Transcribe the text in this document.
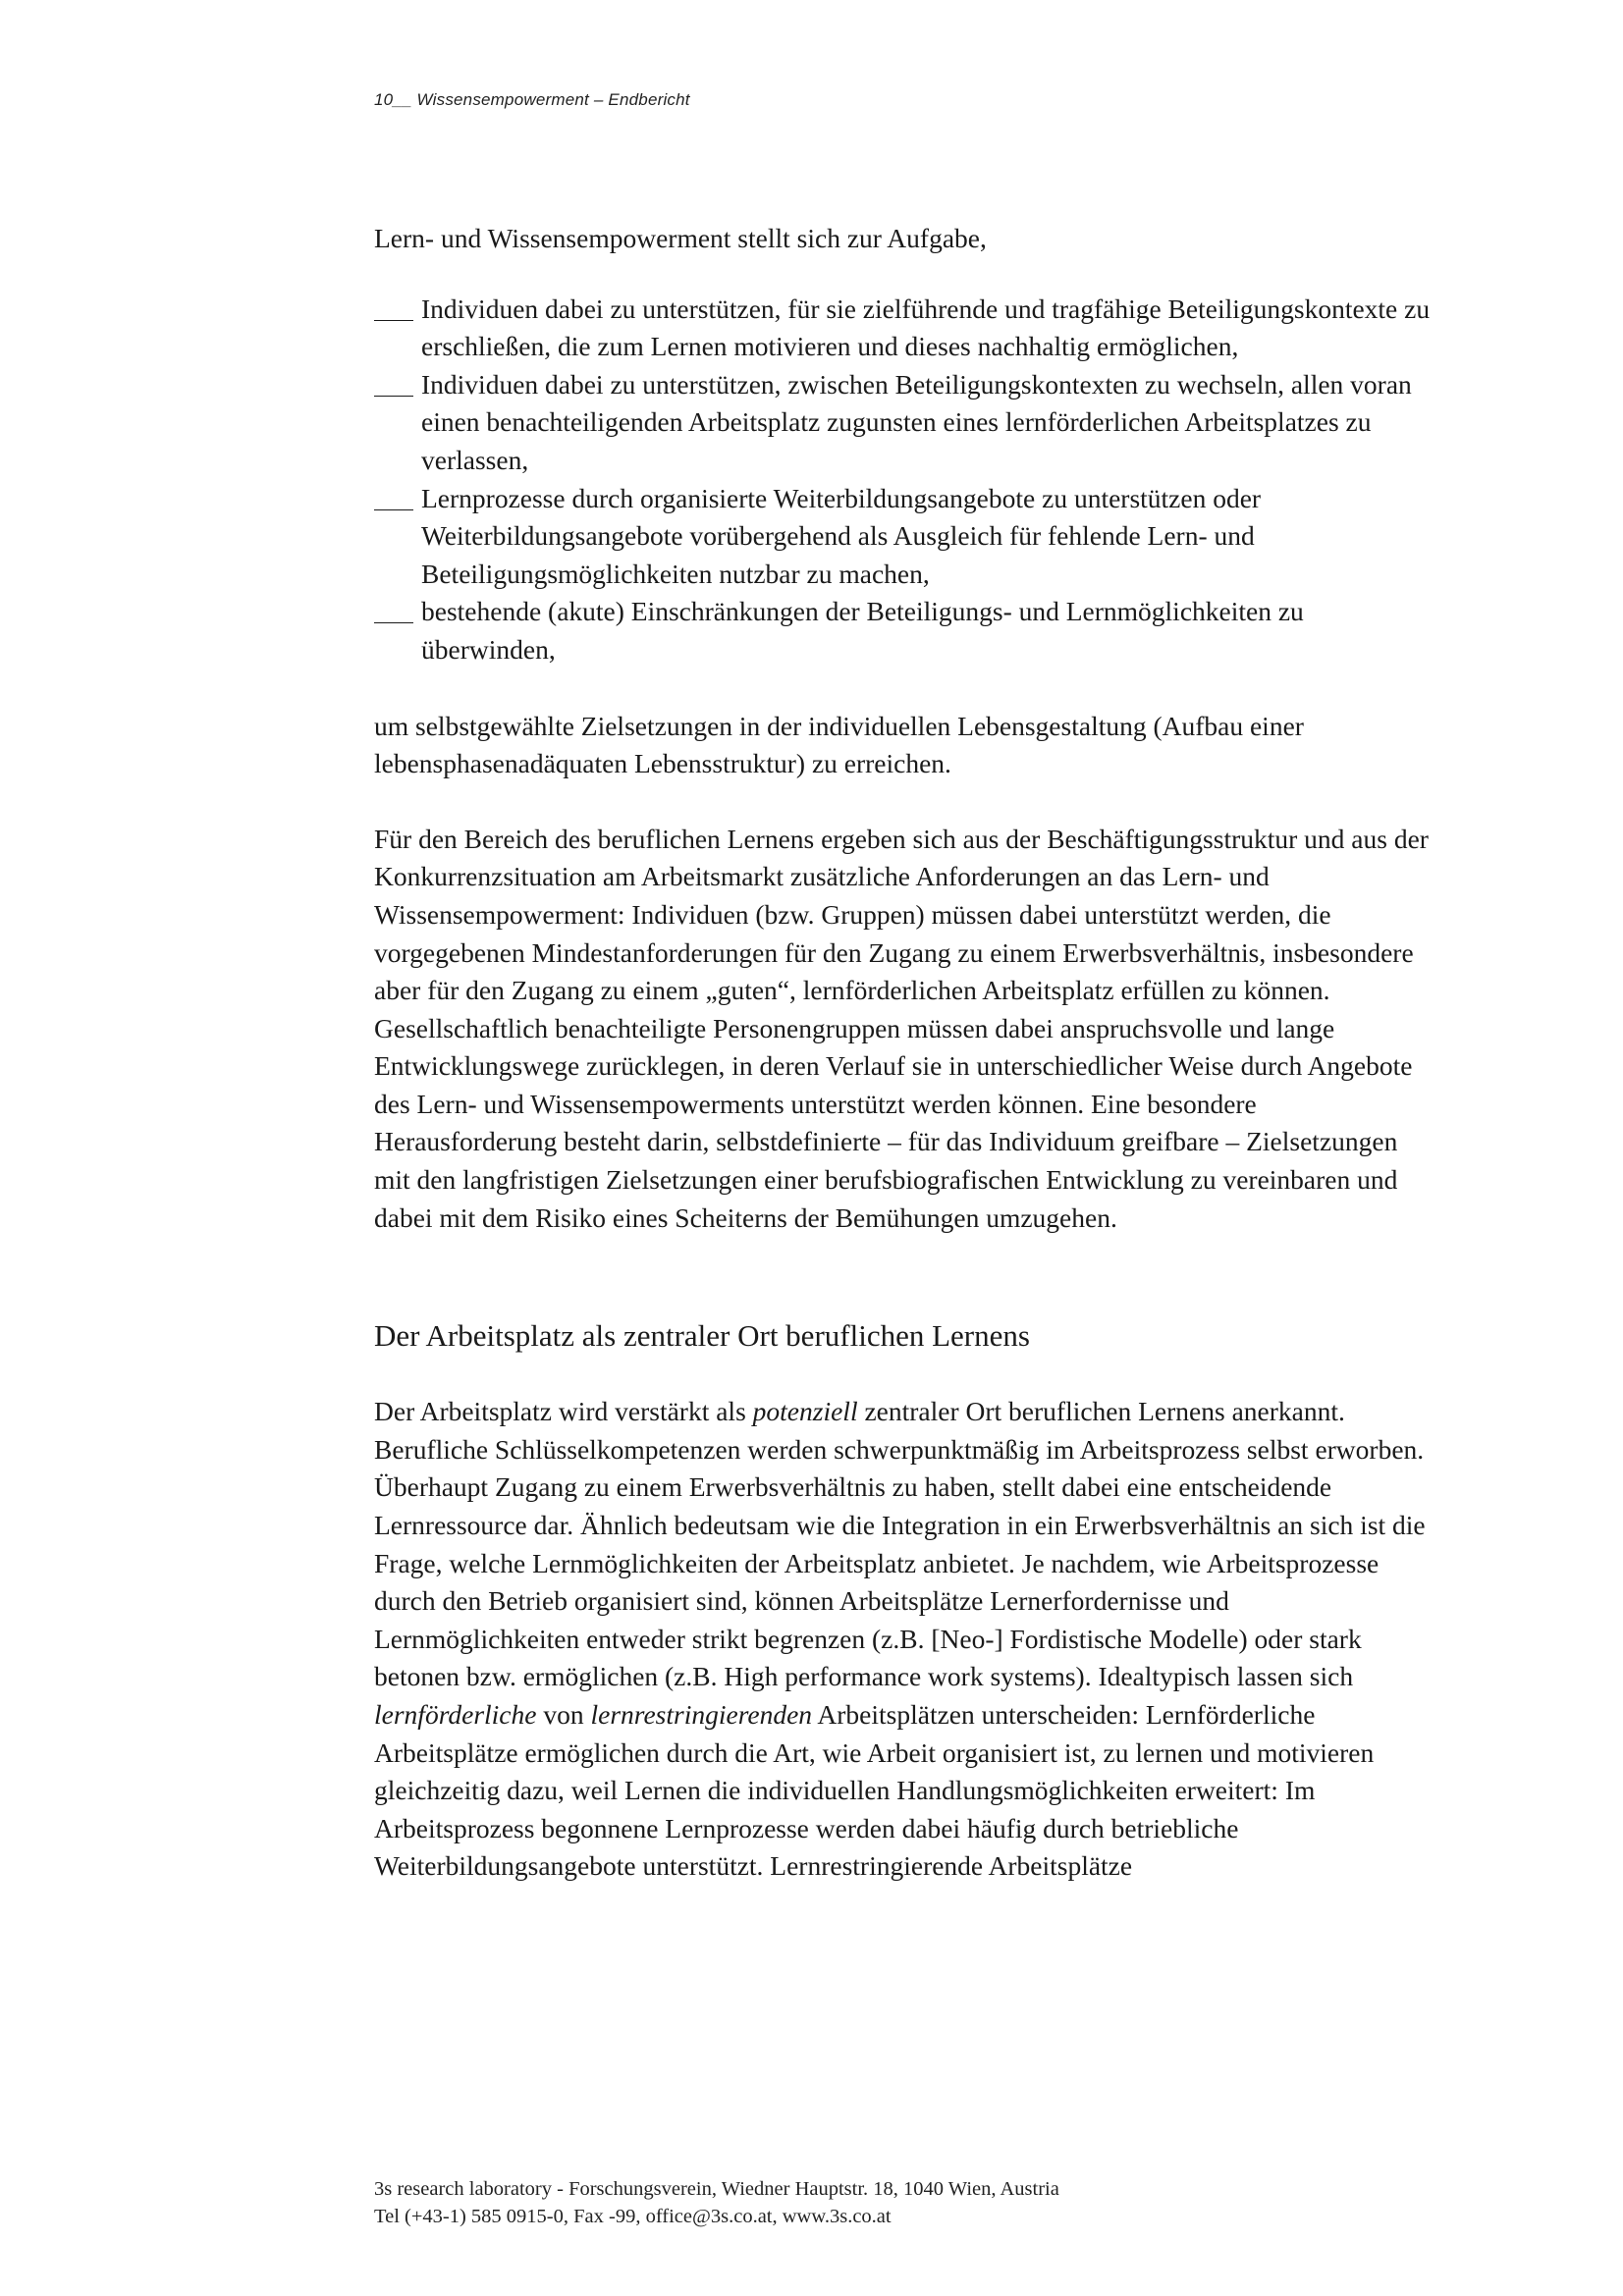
10__ Wissensempowerment – Endbericht

Lern- und Wissensempowerment stellt sich zur Aufgabe,

Individuen dabei zu unterstützen, für sie zielführende und tragfähige Beteiligungskontexte zu erschließen, die zum Lernen motivieren und dieses nachhaltig ermöglichen,
Individuen dabei zu unterstützen, zwischen Beteiligungskontexten zu wechseln, allen voran einen benachteiligenden Arbeitsplatz zugunsten eines lernförderlichen Arbeitsplatzes zu verlassen,
Lernprozesse durch organisierte Weiterbildungsangebote zu unterstützen oder Weiterbildungsangebote vorübergehend als Ausgleich für fehlende Lern- und Beteiligungsmöglichkeiten nutzbar zu machen,
bestehende (akute) Einschränkungen der Beteiligungs- und Lernmöglichkeiten zu überwinden,

um selbstgewählte Zielsetzungen in der individuellen Lebensgestaltung (Aufbau einer lebensphasenadäquaten Lebensstruktur) zu erreichen.

Für den Bereich des beruflichen Lernens ergeben sich aus der Beschäftigungsstruktur und aus der Konkurrenzsituation am Arbeitsmarkt zusätzliche Anforderungen an das Lern- und Wissensempowerment: Individuen (bzw. Gruppen) müssen dabei unterstützt werden, die vorgegebenen Mindestanforderungen für den Zugang zu einem Erwerbsverhältnis, insbesondere aber für den Zugang zu einem „guten“, lernförderlichen Arbeitsplatz erfüllen zu können. Gesellschaftlich benachteiligte Personengruppen müssen dabei anspruchsvolle und lange Entwicklungswege zurücklegen, in deren Verlauf sie in unterschiedlicher Weise durch Angebote des Lern- und Wissensempowerments unterstützt werden können. Eine besondere Herausforderung besteht darin, selbstdefinierte – für das Individuum greifbare – Zielsetzungen mit den langfristigen Zielsetzungen einer berufsbiografischen Entwicklung zu vereinbaren und dabei mit dem Risiko eines Scheiterns der Bemühungen umzugehen.

Der Arbeitsplatz als zentraler Ort beruflichen Lernens

Der Arbeitsplatz wird verstärkt als potenziell zentraler Ort beruflichen Lernens anerkannt. Berufliche Schlüsselkompetenzen werden schwerpunktmäßig im Arbeitsprozess selbst erworben. Überhaupt Zugang zu einem Erwerbsverhältnis zu haben, stellt dabei eine entscheidende Lernressource dar. Ähnlich bedeutsam wie die Integration in ein Erwerbsverhältnis an sich ist die Frage, welche Lernmöglichkeiten der Arbeitsplatz anbietet. Je nachdem, wie Arbeitsprozesse durch den Betrieb organisiert sind, können Arbeitsplätze Lernerfordernisse und Lernmöglichkeiten entweder strikt begrenzen (z.B. [Neo-] Fordistische Modelle) oder stark betonen bzw. ermöglichen (z.B. High performance work systems). Idealtypisch lassen sich lernförderliche von lernrestringierenden Arbeitsplätzen unterscheiden: Lernförderliche Arbeitsplätze ermöglichen durch die Art, wie Arbeit organisiert ist, zu lernen und motivieren gleichzeitig dazu, weil Lernen die individuellen Handlungsmöglichkeiten erweitert: Im Arbeitsprozess begonnene Lernprozesse werden dabei häufig durch betriebliche Weiterbildungsangebote unterstützt. Lernrestringierende Arbeitsplätze

3s research laboratory - Forschungsverein, Wiedner Hauptstr. 18, 1040 Wien, Austria

Tel (+43-1) 585 0915-0, Fax -99, office@3s.co.at, www.3s.co.at
